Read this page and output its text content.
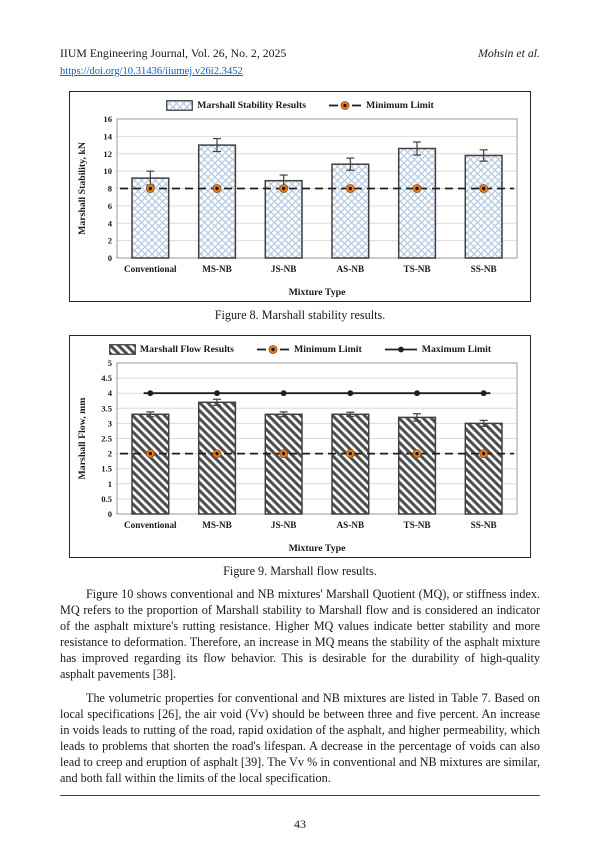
IIUM Engineering Journal, Vol. 26, No. 2, 2025	Mohsin et al.
https://doi.org/10.31436/iiumej.v26i2.3452
Marshall Stability Results	Minimum Limit
0
2
4
6
8
10
12
14
16
Conventional	MS-NB	JS-NB	AS-NB	TS-NB	SS-NB
Mixture Type
Marshall Stability, kN
Figure 8. Marshall stability results.
Marshall Flow Results	Minimum Limit	Maximum Limit
0
0.5
1
1.5
2
2.5
3
3.5
4
4.5
5
Conventional	MS-NB	JS-NB	AS-NB	TS-NB	SS-NB
Mixture Type
Marshall Flow, mm
Figure 9. Marshall flow results.

Figure 10 shows conventional and NB mixtures' Marshall Quotient (MQ), or stiffness index. MQ refers to the proportion of Marshall stability to Marshall flow and is considered an indicator of the asphalt mixture's rutting resistance. Higher MQ values indicate better stability and more resistance to deformation. Therefore, an increase in MQ means the stability of the asphalt mixture has improved regarding its flow behavior. This is desirable for the durability of high-quality asphalt pavements [38].

The volumetric properties for conventional and NB mixtures are listed in Table 7. Based on local specifications [26], the air void (Vv) should be between three and five percent. An increase in voids leads to rutting of the road, rapid oxidation of the asphalt, and higher permeability, which leads to problems that shorten the road's lifespan. A decrease in the percentage of voids can also lead to creep and eruption of asphalt [39]. The Vv % in conventional and NB mixtures are similar, and both fall within the limits of the local specification.

43
